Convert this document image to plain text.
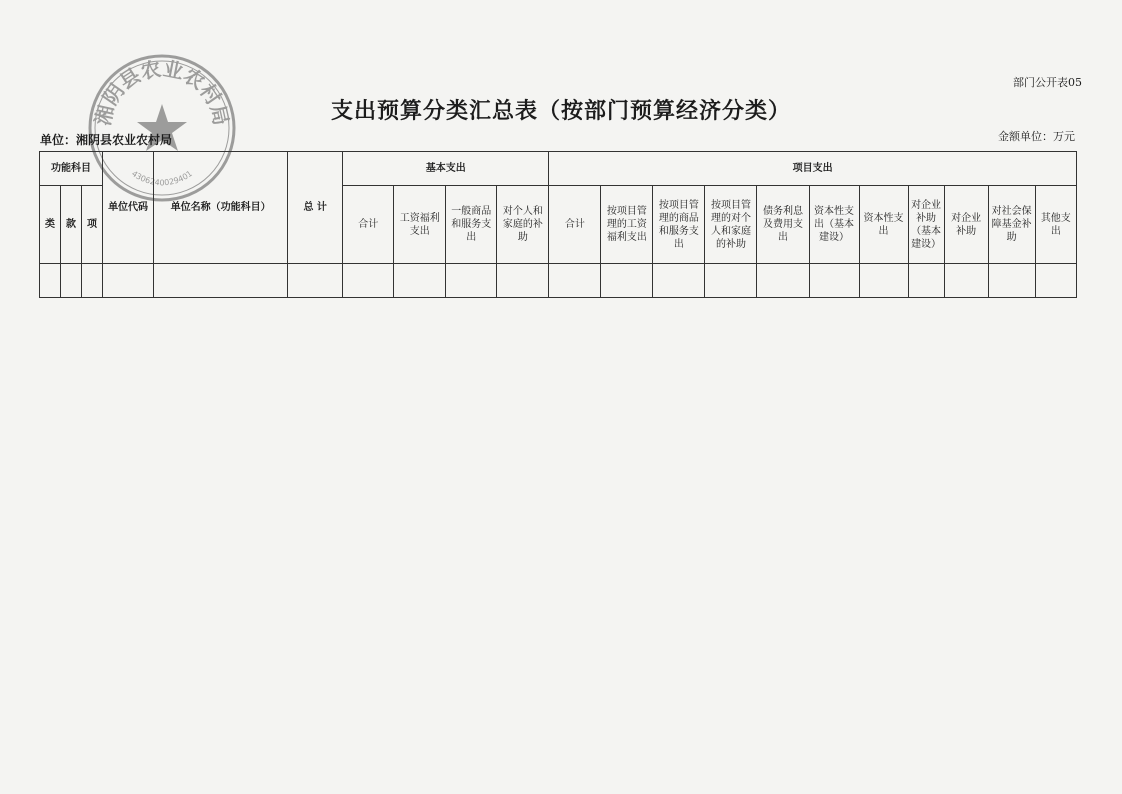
湘阴县农业农村局
4306240029401
部门公开表05
支出预算分类汇总表（按部门预算经济分类）
单位：湘阴县农业农村局	金额单位：万元
功能科目			单位代码	单位名称（功能科目）	总 计	基本支出				项目支出										
类	款	项				合计	工资福利支出	一般商品和服务支出	对个人和家庭的补助	合计	按项目管理的工资福利支出	按项目管理的商品和服务支出	按项目管理的对个人和家庭的补助	债务利息及费用支出	资本性支出（基本建设）	资本性支出	对企业补助（基本建设）	对企业补助	对社会保障基金补助	其他支出
